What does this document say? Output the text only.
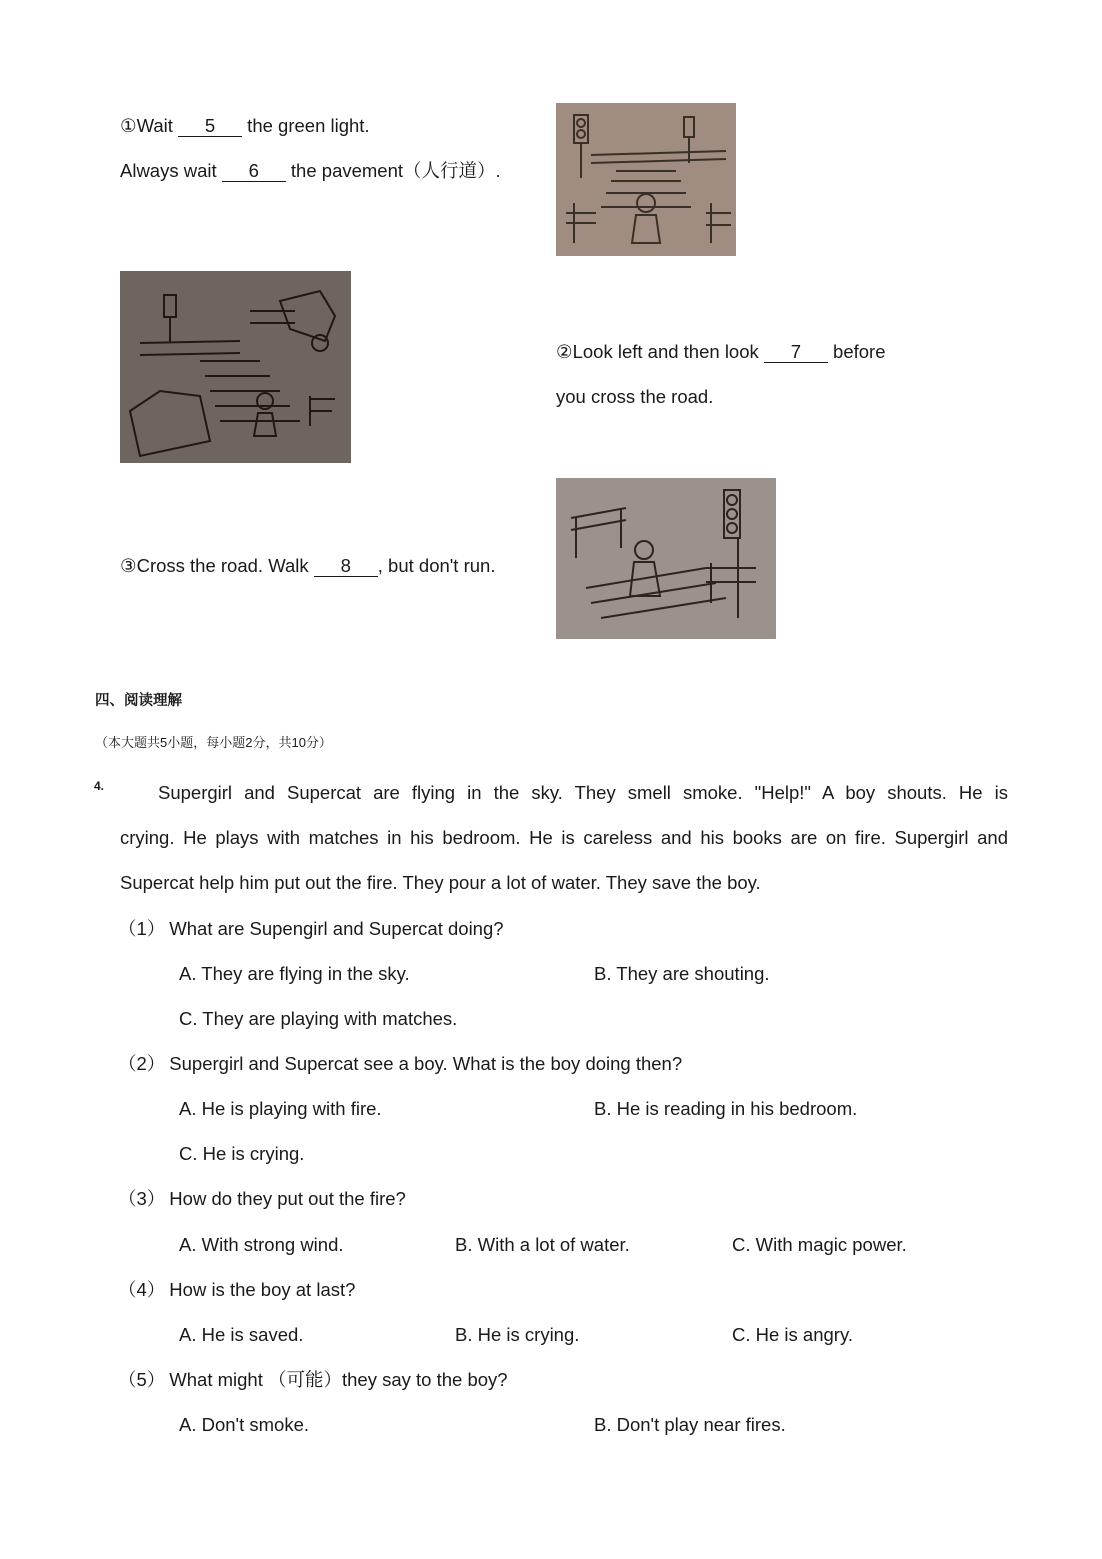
①Wait 5 the green light.
Always wait 6 the pavement（人行道）.
②Look left and then look 7 before
you cross the road.
③Cross the road. Walk 8 , but don't run.
四、阅读理解
（本大题共5小题，每小题2分，共10分）
4.	Supergirl and Supercat are flying in the sky. They smell smoke. "Help!" A boy shouts. He is
crying. He plays with matches in his bedroom. He is careless and his books are on fire. Supergirl and
Supercat help him put out the fire. They pour a lot of water. They save the boy.
（1） What are Supengirl and Supercat doing?
A. They are flying in the sky.	B. They are shouting.
C. They are playing with matches.
（2） Supergirl and Supercat see a boy. What is the boy doing then?
A. He is playing with fire.	B. He is reading in his bedroom.
C. He is crying.
（3） How do they put out the fire?
A. With strong wind.	B. With a lot of water.	C. With magic power.
（4） How is the boy at last?
A. He is saved.	B. He is crying.	C. He is angry.
（5） What might （可能）they say to the boy?
A. Don't smoke.	B. Don't play near fires.
